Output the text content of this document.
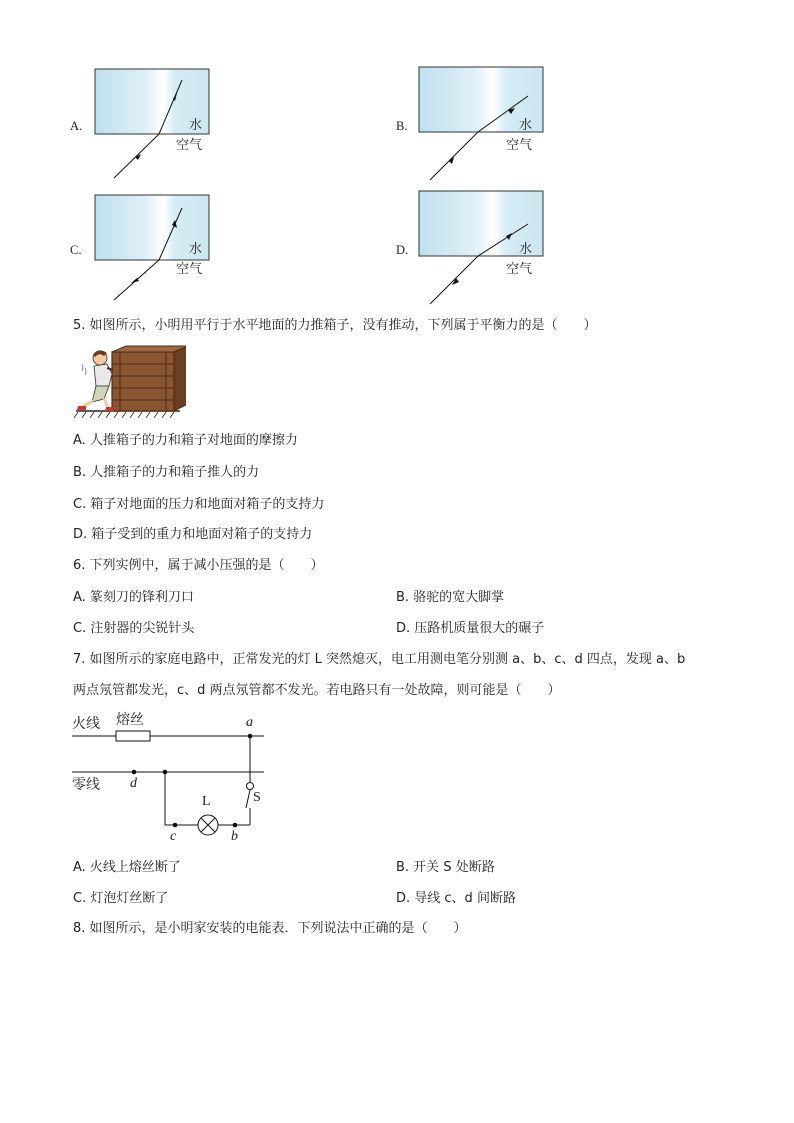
A.	水
空气
B.	水
空气
C.	水
空气
D.	水
空气
5. 如图所示，小明用平行于水平地面的力推箱子，没有推动，下列属于平衡力的是（　　）
A. 人推箱子的力和箱子对地面的摩擦力
B. 人推箱子的力和箱子推人的力
C. 箱子对地面的压力和地面对箱子的支持力
D. 箱子受到的重力和地面对箱子的支持力
6. 下列实例中，属于减小压强的是（　　）
A. 篆刻刀的锋利刀口	B. 骆驼的宽大脚掌
C. 注射器的尖锐针头	D. 压路机质量很大的碾子
7. 如图所示的家庭电路中，正常发光的灯 L 突然熄灭，电工用测电笔分别测 a、b、c、d 四点，发现 a、b
两点氖管都发光，c、d 两点氖管都不发光。若电路只有一处故障，则可能是（　　）
火线 熔丝
零线
L	S
a
b
c
d
A. 火线上熔丝断了	B. 开关 S 处断路
C. 灯泡灯丝断了	D. 导线 c、d 间断路
8. 如图所示，是小明家安装的电能表．下列说法中正确的是（　　）
